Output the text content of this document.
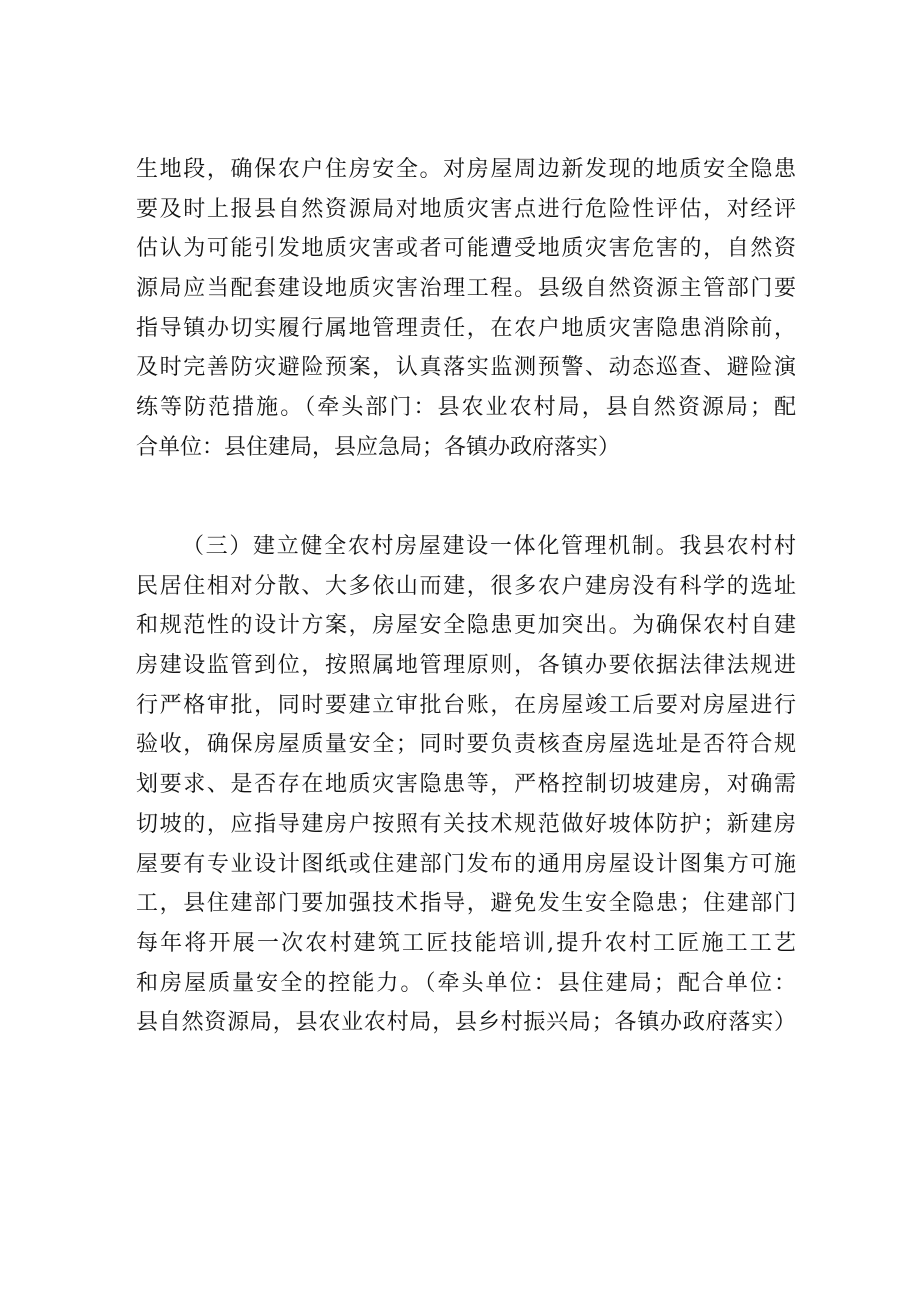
生地段，确保农户住房安全。对房屋周边新发现的地质安全隐患
要及时上报县自然资源局对地质灾害点进行危险性评估，对经评
估认为可能引发地质灾害或者可能遭受地质灾害危害的，自然资
源局应当配套建设地质灾害治理工程。县级自然资源主管部门要
指导镇办切实履行属地管理责任，在农户地质灾害隐患消除前，
及时完善防灾避险预案，认真落实监测预警、动态巡查、避险演
练等防范措施。（牵头部门：县农业农村局，县自然资源局；配
合单位：县住建局，县应急局；各镇办政府落实）
（三）建立健全农村房屋建设一体化管理机制。我县农村村
民居住相对分散、大多依山而建，很多农户建房没有科学的选址
和规范性的设计方案，房屋安全隐患更加突出。为确保农村自建
房建设监管到位，按照属地管理原则，各镇办要依据法律法规进
行严格审批，同时要建立审批台账，在房屋竣工后要对房屋进行
验收，确保房屋质量安全；同时要负责核查房屋选址是否符合规
划要求、是否存在地质灾害隐患等，严格控制切坡建房，对确需
切坡的，应指导建房户按照有关技术规范做好坡体防护；新建房
屋要有专业设计图纸或住建部门发布的通用房屋设计图集方可施
工，县住建部门要加强技术指导，避免发生安全隐患；住建部门
每年将开展一次农村建筑工匠技能培训,提升农村工匠施工工艺
和房屋质量安全的控能力。（牵头单位：县住建局；配合单位：
县自然资源局，县农业农村局，县乡村振兴局；各镇办政府落实）
